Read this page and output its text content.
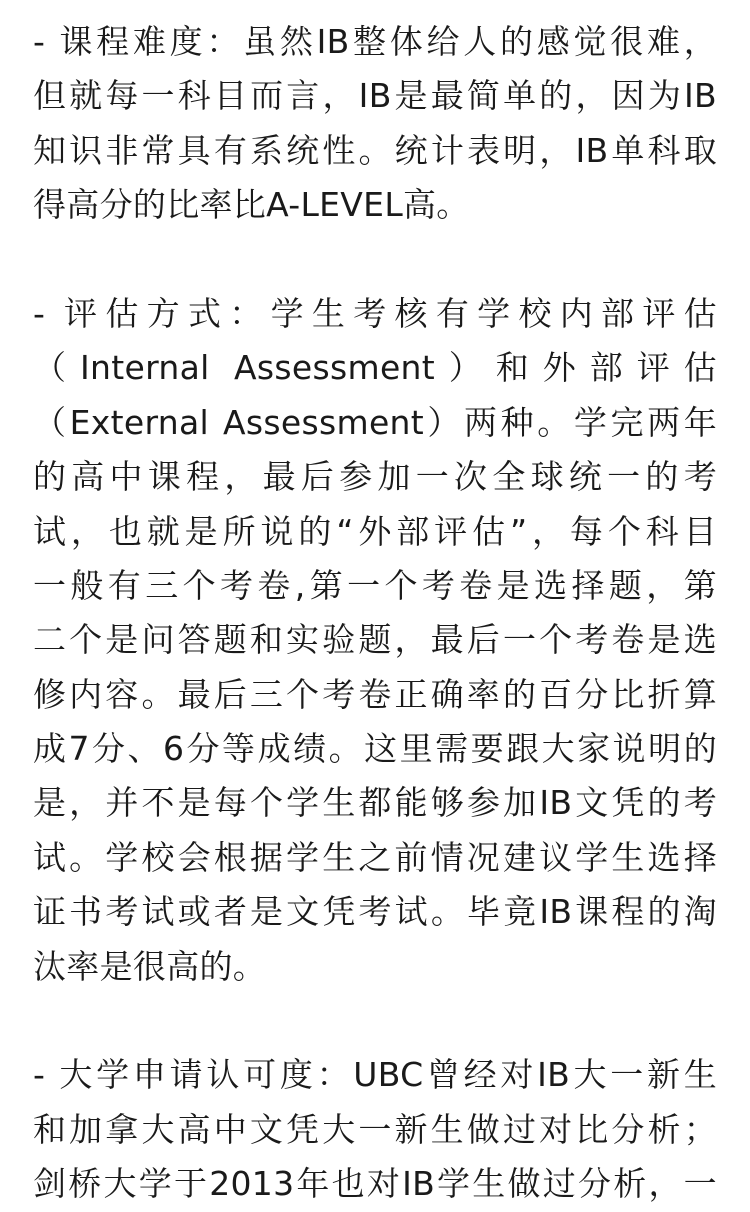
- 课程难度：虽然IB整体给人的感觉很难，
但就每一科目而言，IB是最简单的，因为IB
知识非常具有系统性。统计表明，IB单科取
得高分的比率比A-LEVEL高。
- 评估方式：学生考核有学校内部评估
（Internal Assessment）和外部评估
（External Assessment）两种。学完两年
的高中课程，最后参加一次全球统一的考
试，也就是所说的“外部评估”，每个科目
一般有三个考卷,第一个考卷是选择题，第
二个是问答题和实验题，最后一个考卷是选
修内容。最后三个考卷正确率的百分比折算
成7分、6分等成绩。这里需要跟大家说明的
是，并不是每个学生都能够参加IB文凭的考
试。学校会根据学生之前情况建议学生选择
证书考试或者是文凭考试。毕竟IB课程的淘
汰率是很高的。
- 大学申请认可度：UBC曾经对IB大一新生
和加拿大高中文凭大一新生做过对比分析；
剑桥大学于2013年也对IB学生做过分析，一
